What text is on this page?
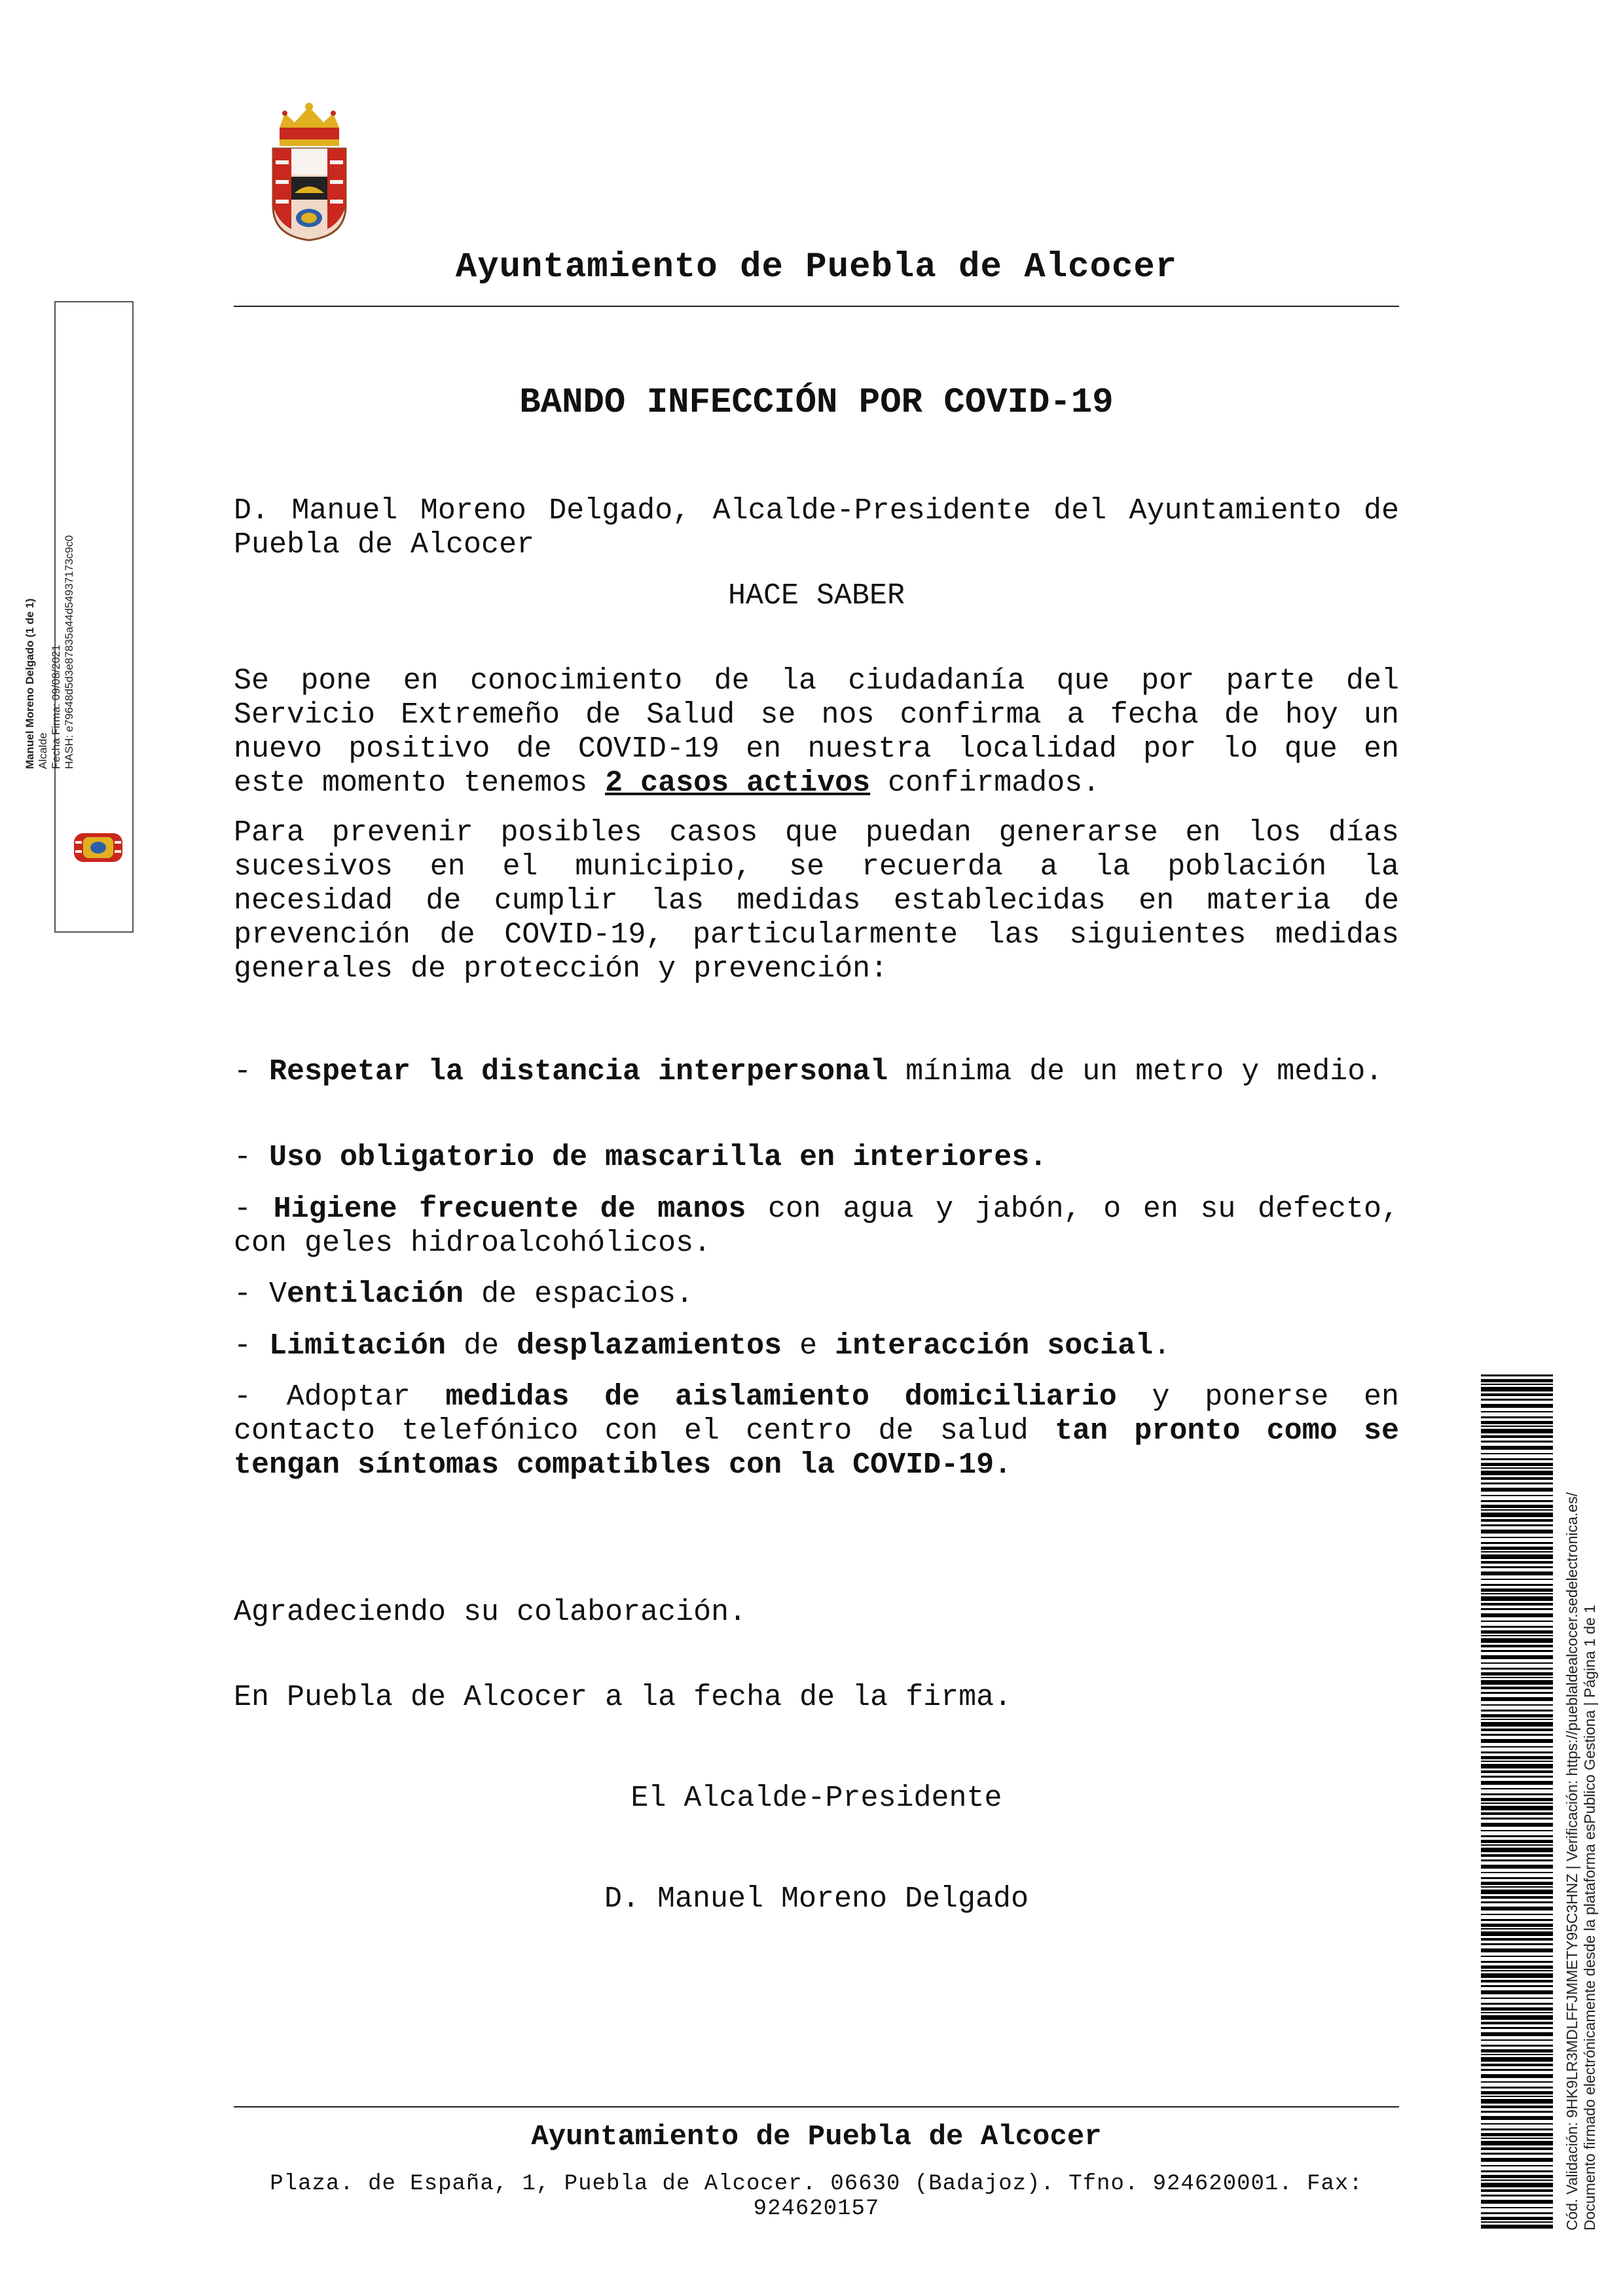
Ayuntamiento de Puebla de Alcocer
BANDO INFECCIÓN POR COVID-19
D. Manuel Moreno Delgado, Alcalde-Presidente del Ayuntamiento de Puebla de Alcocer
HACE SABER
Se pone en conocimiento de la ciudadanía que por parte del Servicio Extremeño de Salud se nos confirma a fecha de hoy un nuevo positivo de COVID-19 en nuestra localidad por lo que en este momento tenemos 2 casos activos confirmados.
Para prevenir posibles casos que puedan generarse en los días sucesivos en el municipio, se recuerda a la población la necesidad de cumplir las medidas establecidas en materia de prevención de COVID-19, particularmente las siguientes medidas generales de protección y prevención:
- Respetar la distancia interpersonal mínima de un metro y medio.
- Uso obligatorio de mascarilla en interiores.
- Higiene frecuente de manos con agua y jabón, o en su defecto, con geles hidroalcohólicos.
- Ventilación de espacios.
- Limitación de desplazamientos e interacción social.
- Adoptar medidas de aislamiento domiciliario y ponerse en contacto telefónico con el centro de salud tan pronto como se tengan síntomas compatibles con la COVID-19.
Agradeciendo su colaboración.
En Puebla de Alcocer a la fecha de la firma.
El Alcalde-Presidente
D. Manuel Moreno Delgado
Ayuntamiento de Puebla de Alcocer
Plaza. de España, 1, Puebla de Alcocer. 06630 (Badajoz). Tfno. 924620001. Fax: 924620157
Manuel Moreno Delgado (1 de 1) Alcalde Fecha Firma: 09/08/2021 HASH: e79648d5d3e87835a44d54937173c9c0
Cód. Validación: 9HK9LR3MDLFFJMMETY95C3HNZ | Verificación: https://pueblaldealcocer.sedelectronica.es/ Documento firmado electrónicamente desde la plataforma esPublico Gestiona | Página 1 de 1
